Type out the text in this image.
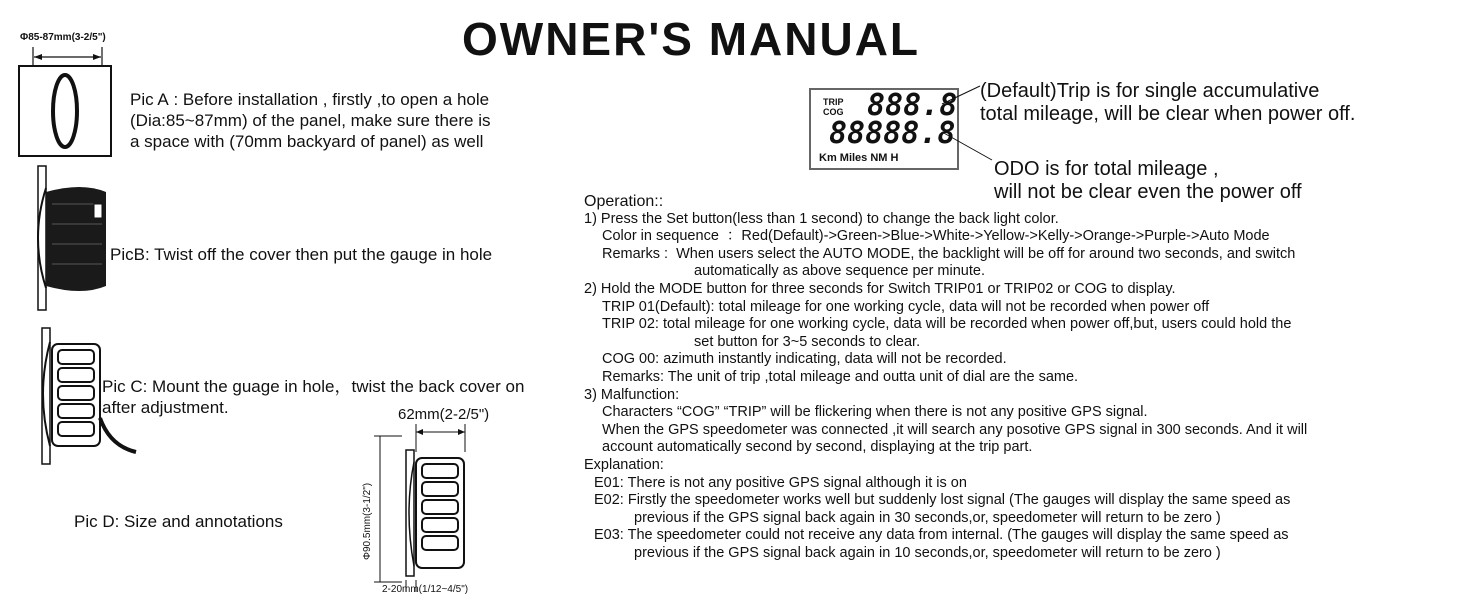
OWNER'S MANUAL
Φ85-87mm(3-2/5")
Pic A : Before installation , firstly ,to open a hole
(Dia:85~87mm) of the panel, make sure there is
a space with (70mm backyard of panel) as well
PicB: Twist off the cover then put the gauge in hole
Pic C: Mount the guage in hole，twist the back cover on
after adjustment.	62mm(2-2/5")
Φ90.5mm(3-1/2")
2-20mm(1/12~4/5")
Pic D: Size and annotations
TRIP
COG 888.8
88888.8
Km Miles NM H
(Default)Trip is for single accumulative
total mileage, will be clear when power off.
ODO is for total mileage ,
will not be clear even the power off
Operation::
1) Press the Set button(less than 1 second) to change the back light color.
Color in sequence  ：Red(Default)->Green->Blue->White->Yellow->Kelly->Orange->Purple->Auto Mode
Remarks :  When users select the AUTO MODE, the backlight will be off for around two seconds, and switch
automatically as above sequence per minute.
2) Hold the MODE button for three seconds for Switch TRIP01 or TRIP02 or COG to display.
TRIP 01(Default): total mileage for one working cycle, data will not be recorded when power off
TRIP 02: total mileage for one working cycle, data will be recorded when power off,but, users could hold the
set button for 3~5 seconds to clear.
COG 00: azimuth instantly indicating, data will not be recorded.
Remarks: The unit of trip ,total mileage and outta unit of dial are the same.
3) Malfunction:
Characters “COG” “TRIP” will be flickering when there is not any positive GPS signal.
When the GPS speedometer was connected ,it will search any posotive GPS signal in 300 seconds. And it will
account automatically second by second, displaying at the trip part.
Explanation:
E01: There is not any positive GPS signal although it is on
E02: Firstly the speedometer works well but suddenly lost signal (The gauges will display the same speed as
previous if the GPS signal back again in 30 seconds,or, speedometer will return to be zero )
E03: The speedometer could not receive any data from internal. (The gauges will display the same speed as
previous if the GPS signal back again in 10 seconds,or, speedometer will return to be zero )
